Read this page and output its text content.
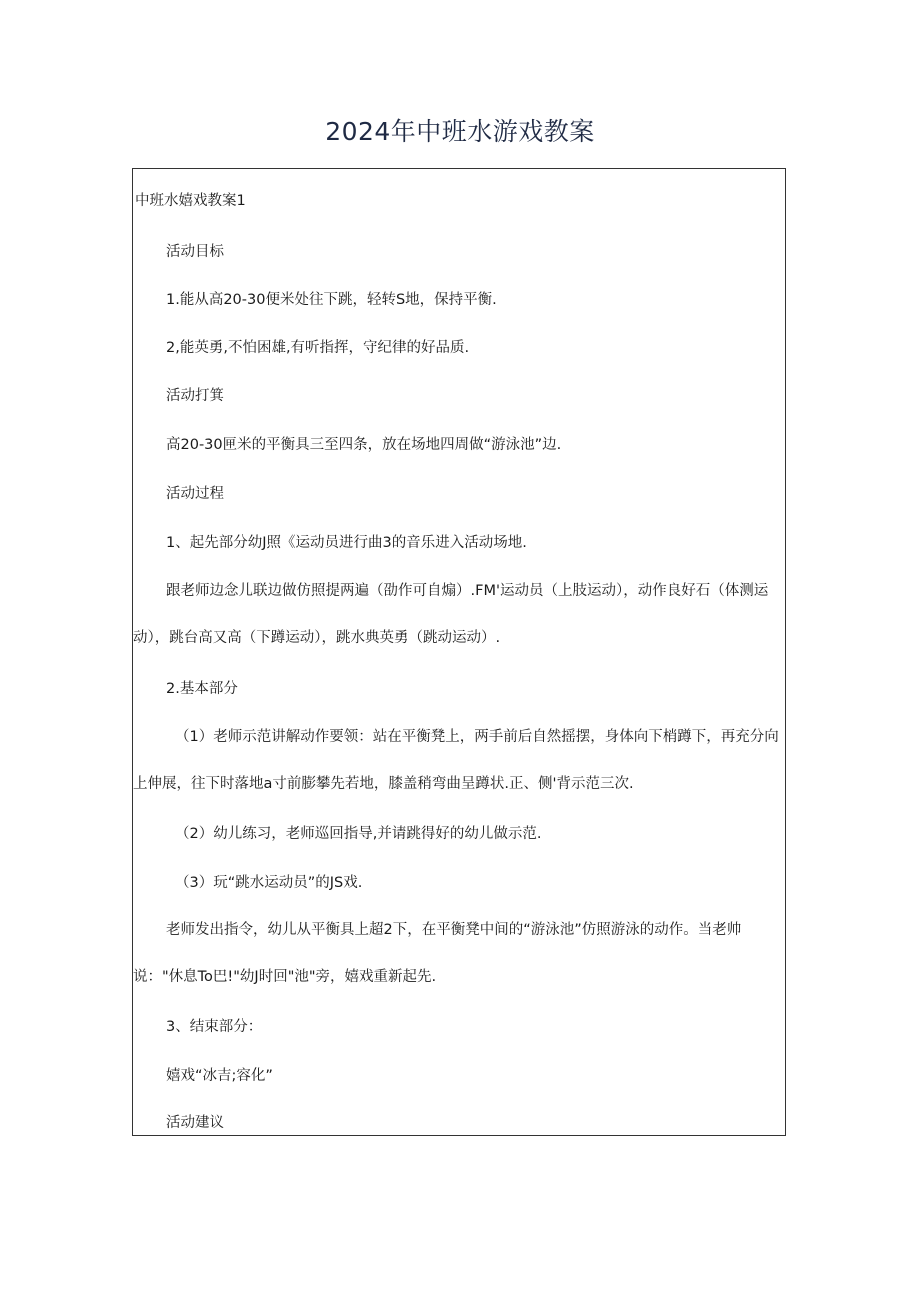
2024年中班水游戏教案

中班水嬉戏教案1

活动目标

1.能从高20-30便米处往下跳，轻转S地，保持平衡.

2,能英勇,不怕困雄,有听指挥，守纪律的好品质.

活动打箕

高20-30匣米的平衡具三至四条，放在场地四周做“游泳池”边.

活动过程

1、起先部分幼J照《运动员进行曲3的音乐进入活动场地.

跟老师边念儿联边做仿照提两遍（劭作可自煽）.FM'运动员（上肢运动），动作良好石（体测运动），跳台高又高（下蹲运动），跳水典英勇（跳动运动）.

2.基本部分

（1）老师示范讲解动作要领：站在平衡凳上，两手前后自然摇摆，身体向下梢蹲下，再充分向上伸展，往下时落地a寸前膨攀先若地，膝盖稍弯曲呈蹲状.正、侧'背示范三次.

（2）幼儿练习，老师巡回指导,并请跳得好的幼儿做示范.

（3）玩“跳水运动员”的JS戏.

老师发出指令，幼儿从平衡具上超2下，在平衡凳中间的“游泳池”仿照游泳的动作。当老帅说："休息To巴!"幼J时回"池"旁，嬉戏重新起先.

3、结束部分：

嬉戏“冰吉;容化”

活动建议
